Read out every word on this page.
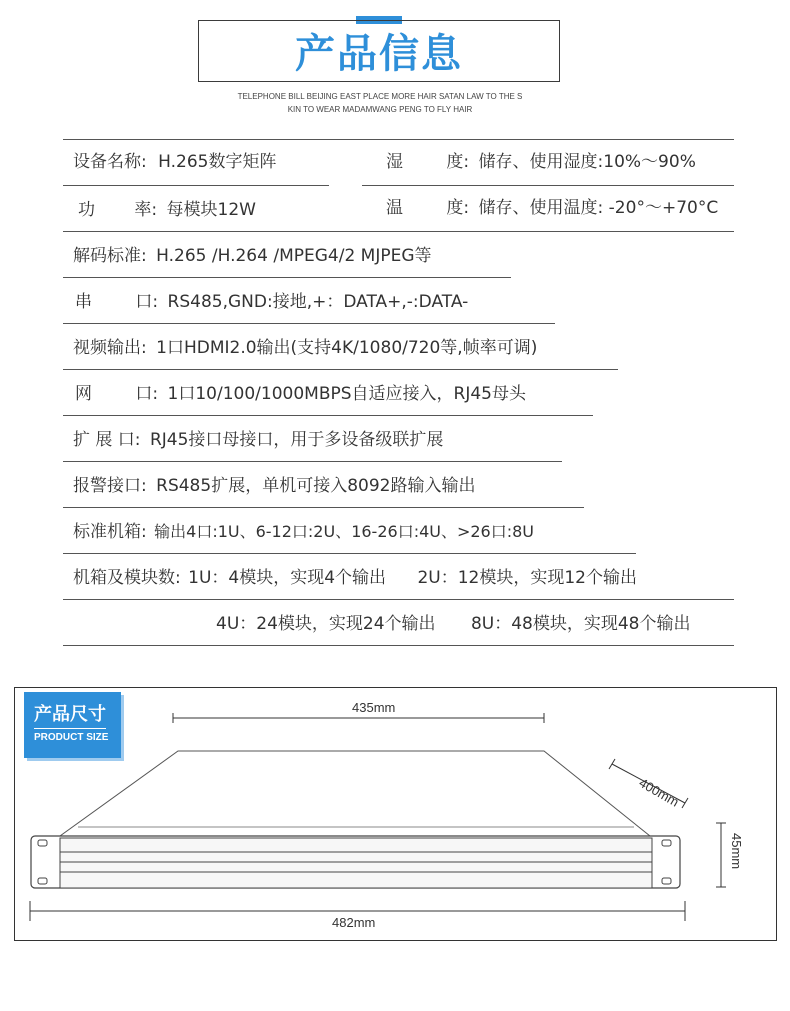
产品信息
TELEPHONE BILL BEIJING EAST PLACE MORE HAIR SATAN LAW TO THE S
KIN TO WEAR MADAMWANG PENG TO FLY HAIR
设备名称: H.265数字矩阵	湿	度: 储存、使用湿度:10%～90%
功 率: 每模块12W	温	度: 储存、使用温度: -20°～+70°C
解码标准: H.265 /H.264 /MPEG4/2 MJPEG等
串	口: RS485,GND:接地,+：DATA+,-:DATA-
视频输出: 1口HDMI2.0输出(支持4K/1080/720等,帧率可调)
网	口: 1口10/100/1000MBPS自适应接入，RJ45母头
扩 展 口: RJ45接口母接口，用于多设备级联扩展
报警接口: RS485扩展，单机可接入8092路输入输出
标准机箱: 输出4口:1U、6-12口:2U、16-26口:4U、>26口:8U
机箱及模块数: 1U：4模块，实现4个输出 2U：12模块，实现12个输出
4U：24模块，实现24个输出 8U：48模块，实现48个输出
产品尺寸
PRODUCT SIZE
435mm
400mm
45mm
482mm
